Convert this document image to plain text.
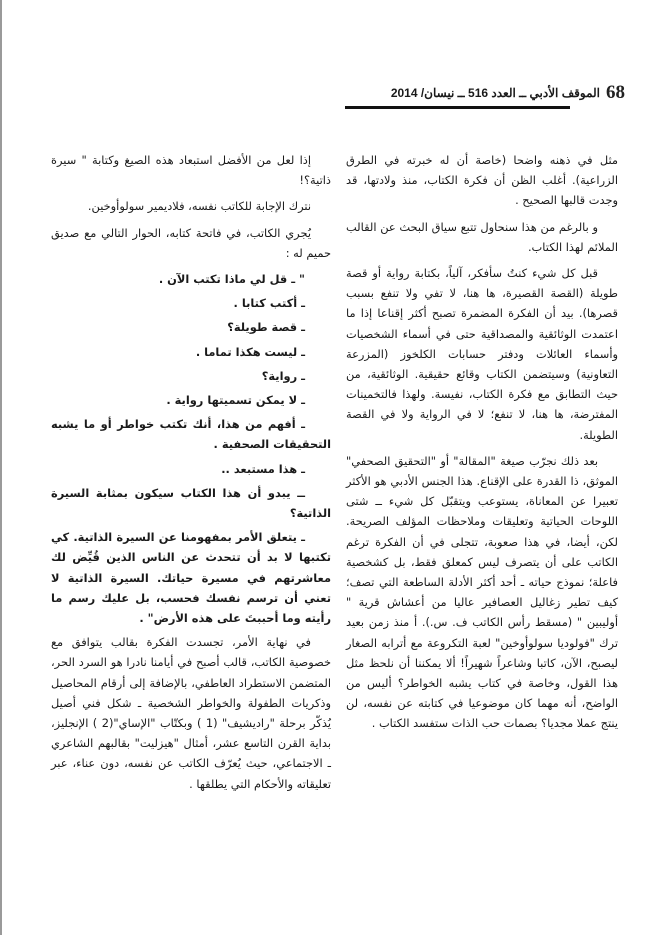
68
الموقف الأدبي ــ العدد 516 ــ نيسان/ 2014

مثل في ذهنه واضحا (خاصة أن له خبرته في الطرق الزراعية). أغلب الظن أن فكرة الكتاب، منذ ولادتها، قد وجدت قالبها الصحيح .

و بالرغم من هذا سنحاول تتبع سياق البحث عن القالب الملائم لهذا الكتاب.

قبل كل شيء كنتُ سأفكر، آلياً، بكتابة رواية أو قصة طويلة (القصة القصيرة، ها هنا، لا تفي ولا تنفع بسبب قصرها). بيد أن الفكرة المضمرة تصبح أكثر إقناعا إذا ما اعتمدت الوثائقية والمصداقية حتى في أسماء الشخصيات وأسماء العائلات ودفتر حسابات الكلخوز (المزرعة التعاونية) وسيتضمن الكتاب وقائع حقيقية. الوثائقية، من حيث التطابق مع فكرة الكتاب، نفيسة. ولهذا فالتخمينات المفترضة، ها هنا، لا تنفع؛ لا في الرواية ولا في القصة الطويلة.

بعد ذلك نجرّب صيغة "المقالة" أو "التحقيق الصحفي" الموثق، ذا القدرة على الإقناع. هذا الجنس الأدبي هو الأكثر تعبيرا عن المعاناة، يستوعب ويتقبّل كل شيء ــ شتى اللوحات الحياتية وتعليقات وملاحظات المؤلف الصريحة. لكن، أيضا، في هذا صعوبة، تتجلى في أن الفكرة ترغم الكاتب على أن يتصرف ليس كمعلق فقط، بل كشخصية فاعلة؛ نموذج حياته ـ أحد أكثر الأدلة الساطعة التي تصف؛ كيف تطير زغاليل العصافير عاليا من أعشاش قرية " أوليبين " (مسقط رأس الكاتب ف. س.). أ منذ زمن بعيد ترك "فولوديا سولوأوخين" لعبة التكروعة مع أترابه الصغار ليصبح، الآن، كاتبا وشاعراً شهيراً! ألا يمكننا أن نلحظ مثل هذا القول، وخاصة في كتاب يشبه الخواطر؟ أليس من الواضح، أنه مهما كان موضوعيا في كتابته عن نفسه، لن ينتج عملا مجديا؟ بصمات حب الذات ستفسد الكتاب .

إذا لعل من الأفضل استبعاد هذه الصيغ وكتابة " سيرة ذاتية؟!

نترك الإجابة للكاتب نفسه، فلاديمير سولوأوخين.

يُجري الكاتب، في فاتحة كتابه، الحوار التالي مع صديق حميم له :

" ـ قل لي ماذا تكتب الآن .

ـ أكتب كتابا .

ـ قصة طويلة؟

ـ ليست هكذا تماما .

ـ رواية؟

ـ لا يمكن تسميتها رواية .

ـ أفهم من هذا، أنك تكتب خواطر أو ما يشبه التحقيقات الصحفية .

ـ هذا مستبعد ..

ــ يبدو أن هذا الكتاب سيكون بمثابة السيرة الذاتية؟

ـ يتعلق الأمر بمفهومنا عن السيرة الذاتية. كي تكتبها لا بد أن تتحدث عن الناس الذين قُيِّض لك معاشرتهم في مسيرة حياتك. السيرة الذاتية لا تعني أن ترسم نفسك فحسب، بل عليك رسم ما رأيته وما أحببتَ على هذه الأرض" .

في نهاية الأمر، تجسدت الفكرة بقالب يتوافق مع خصوصية الكاتب، قالب أصبح في أيامنا نادرا هو السرد الحر، المتضمن الاستطراد العاطفي، بالإضافة إلى أرقام المحاصيل وذكريات الطفولة والخواطر الشخصية ـ شكل فني أصيل يُذكّر برحلة "راديشيف" (1 ) وبكتّاب "الإساي"(2 ) الإنجليز، بداية القرن التاسع عشر، أمثال "هيزليت" بقالبهم الشاعري ـ الاجتماعي، حيث يُعرّف الكاتب عن نفسه، دون عناء، عبر تعليقاته والأحكام التي يطلقها .
